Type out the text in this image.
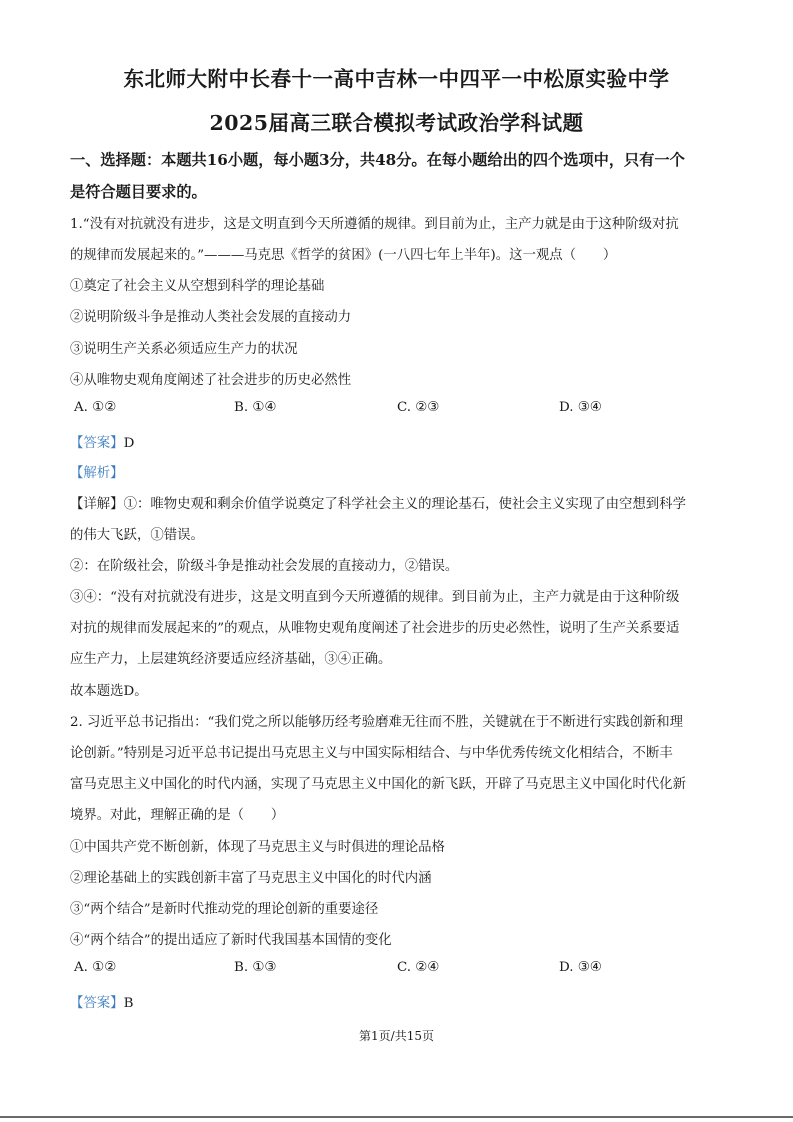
东北师大附中长春十一高中吉林一中四平一中松原实验中学
2025届高三联合模拟考试政治学科试题
一、选择题：本题共16小题，每小题3分，共48分。在每小题给出的四个选项中，只有一个
是符合题目要求的。
1.“没有对抗就没有进步，这是文明直到今天所遵循的规律。到目前为止，主产力就是由于这种阶级对抗
的规律而发展起来的。”———马克思《哲学的贫困》(一八四七年上半年)。这一观点（　　）
①奠定了社会主义从空想到科学的理论基础
②说明阶级斗争是推动人类社会发展的直接动力
③说明生产关系必须适应生产力的状况
④从唯物史观角度阐述了社会进步的历史必然性
A. ①②	B. ①④	C. ②③	D. ③④
【答案】D
【解析】
【详解】①：唯物史观和剩余价值学说奠定了科学社会主义的理论基石，使社会主义实现了由空想到科学
的伟大飞跃，①错误。
②：在阶级社会，阶级斗争是推动社会发展的直接动力，②错误。
③④：“没有对抗就没有进步，这是文明直到今天所遵循的规律。到目前为止，主产力就是由于这种阶级
对抗的规律而发展起来的”的观点，从唯物史观角度阐述了社会进步的历史必然性，说明了生产关系要适
应生产力，上层建筑经济要适应经济基础，③④正确。
故本题选D。
2. 习近平总书记指出：“我们党之所以能够历经考验磨难无往而不胜，关键就在于不断进行实践创新和理
论创新。”特别是习近平总书记提出马克思主义与中国实际相结合、与中华优秀传统文化相结合，不断丰
富马克思主义中国化的时代内涵，实现了马克思主义中国化的新飞跃，开辟了马克思主义中国化时代化新
境界。对此，理解正确的是（　　）
①中国共产党不断创新，体现了马克思主义与时俱进的理论品格
②理论基础上的实践创新丰富了马克思主义中国化的时代内涵
③“两个结合”是新时代推动党的理论创新的重要途径
④“两个结合”的提出适应了新时代我国基本国情的变化
A. ①②	B. ①③	C. ②④	D. ③④
【答案】B
第1页/共15页
